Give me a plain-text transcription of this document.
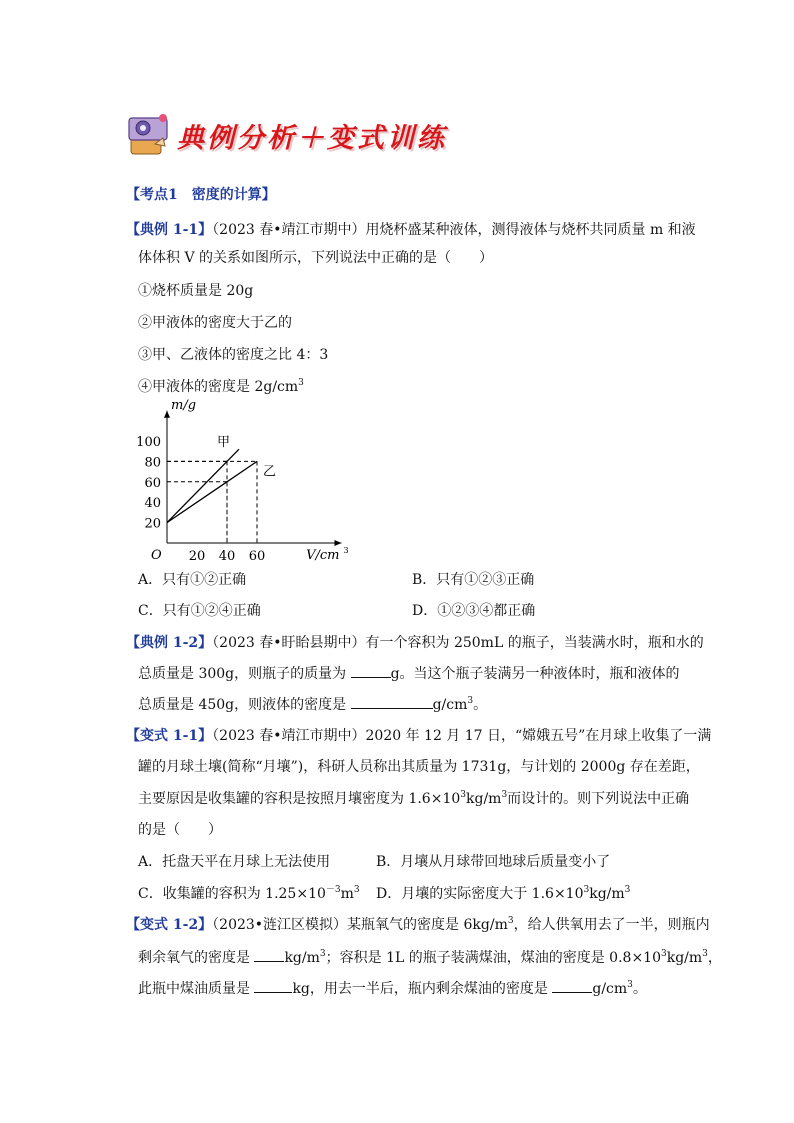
典例分析＋变式训练
【考点1　密度的计算】
【典例 1-1】（2023 春•靖江市期中）用烧杯盛某种液体，测得液体与烧杯共同质量 m 和液
体体积 V 的关系如图所示，下列说法中正确的是（　　）
①烧杯质量是 20g
②甲液体的密度大于乙的
③甲、乙液体的密度之比 4：3
④甲液体的密度是 $2g/cm^3$
m/g
V/cm 3
O 20 40 60
20
40
60
80
100	甲
乙
A．只有①②正确	B．只有①②③正确
C．只有①②④正确	D．①②③④都正确
【典例 1-2】（2023 春•盱眙县期中）有一个容积为 250mL 的瓶子，当装满水时，瓶和水的
总质量是 300g，则瓶子的质量为	g。当这个瓶子装满另一种液体时，瓶和液体的
总质量是 450g，则液体的密度是	$g/cm^3$。
【变式 1-1】（2023 春•靖江市期中）2020 年 12 月 17 日，“嫦娥五号”在月球上收集了一满
罐的月球土壤(简称“月壤”)，科研人员称出其质量为 1731g，与计划的 2000g 存在差距，
主要原因是收集罐的容积是按照月壤密度为 $1.6\times 10^3kg/m^3$而设计的。则下列说法中正确
的是（　　）
A．托盘天平在月球上无法使用	B．月壤从月球带回地球后质量变小了
C．收集罐的容积为 $1.25\times 10^{-3}m^3$ D．月壤的实际密度大于 $1.6\times 10^3kg/m^3$
【变式 1-2】（2023•涟江区模拟）某瓶氧气的密度是 $6kg/m^3$，给人供氧用去了一半，则瓶内
剩余氧气的密度是 $kg/m^3$；容积是 1L 的瓶子装满煤油，煤油的密度是 $0.8\times 10^3kg/m^3$，
此瓶中煤油质量是	kg，用去一半后，瓶内剩余煤油的密度是	$g/cm^3$。
